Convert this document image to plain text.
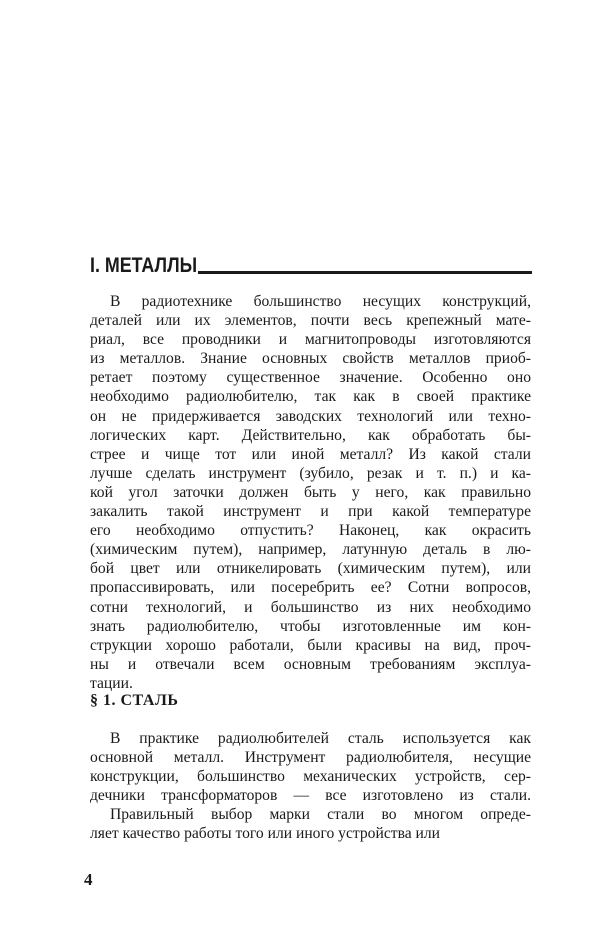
I. МЕТАЛЛЫ
В радиотехнике большинство несущих конструкций,
деталей или их элементов, почти весь крепежный мате-
риал, все проводники и магнитопроводы изготовляются
из металлов. Знание основных свойств металлов приоб-
ретает поэтому существенное значение. Особенно оно
необходимо радиолюбителю, так как в своей практике
он не придерживается заводских технологий или техно-
логических карт. Действительно, как обработать бы-
стрее и чище тот или иной металл? Из какой стали
лучше сделать инструмент (зубило, резак и т. п.) и ка-
кой угол заточки должен быть у него, как правильно
закалить такой инструмент и при какой температуре
его необходимо отпустить? Наконец, как окрасить
(химическим путем), например, латунную деталь в лю-
бой цвет или отникелировать (химическим путем), или
пропассивировать, или посеребрить ее? Сотни вопросов,
сотни технологий, и большинство из них необходимо
знать радиолюбителю, чтобы изготовленные им кон-
струкции хорошо работали, были красивы на вид, проч-
ны и отвечали всем основным требованиям эксплуа-
тации.
§ 1. СТАЛЬ
В практике радиолюбителей сталь используется как
основной металл. Инструмент радиолюбителя, несущие
конструкции, большинство механических устройств, сер-
дечники трансформаторов — все изготовлено из стали.
Правильный выбор марки стали во многом опреде-
ляет качество работы того или иного устройства или
4
